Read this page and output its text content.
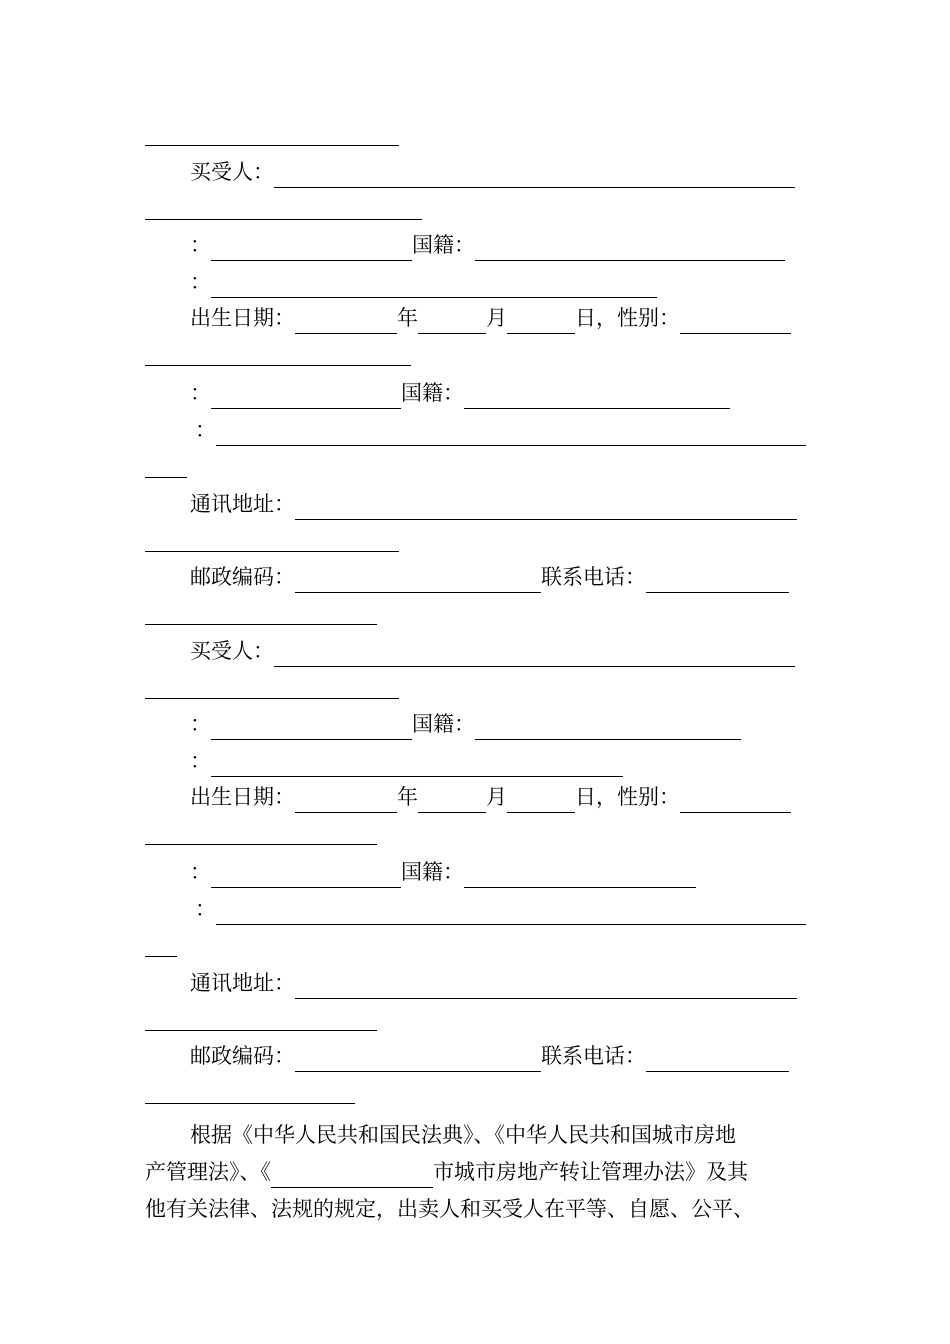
买受人：
：	国籍：
：
出生日期：	年	月	日，性别：
：	国籍：
：
通讯地址：
邮政编码：	联系电话：
买受人：
：	国籍：
：
出生日期：	年	月	日，性别：
：	国籍：
：
通讯地址：
邮政编码：	联系电话：
根据《中华人民共和国民法典》、《中华人民共和国城市房地
产管理法》、《	市城市房地产转让管理办法》及其
他有关法律、法规的规定，出卖人和买受人在平等、自愿、公平、
